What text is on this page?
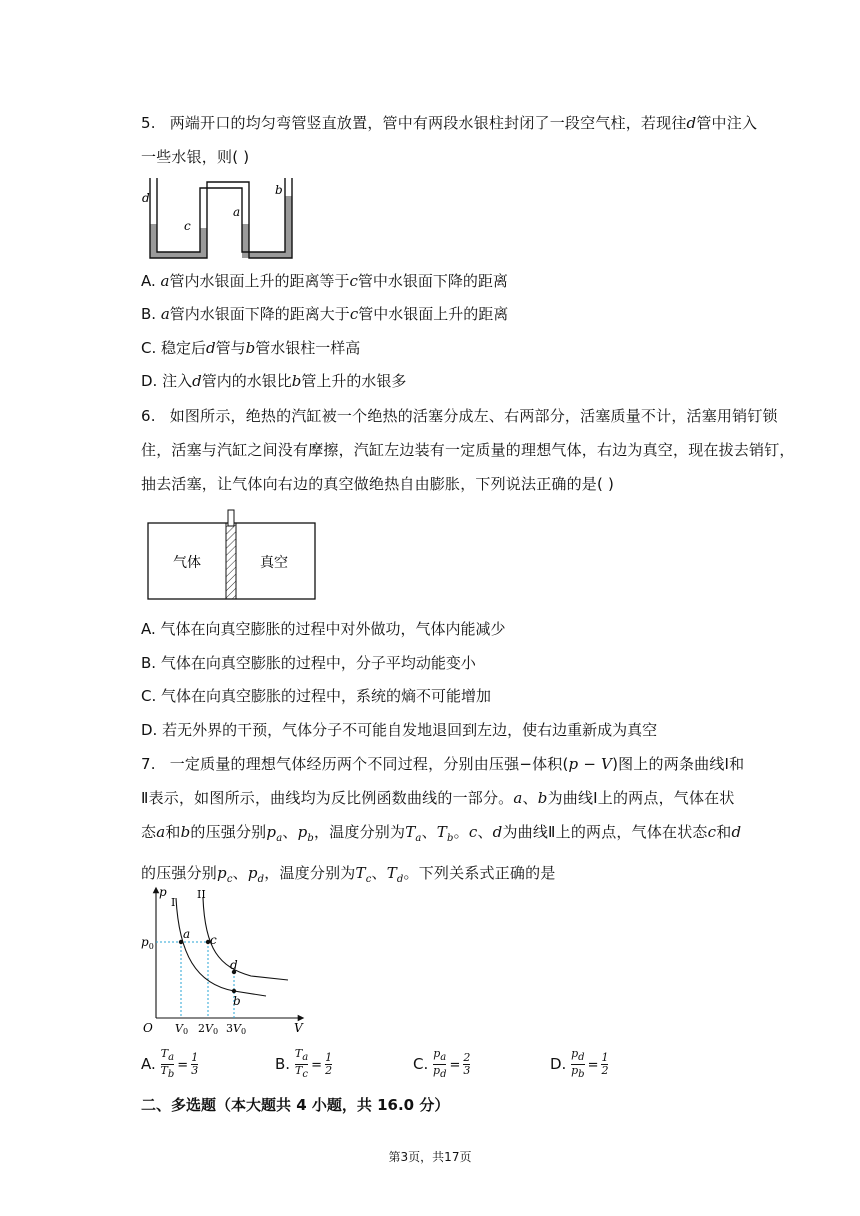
5. 两端开口的均匀弯管竖直放置，管中有两段水银柱封闭了一段空气柱，若现往d管中注入
一些水银，则( )
d
c
a
b
A. a管内水银面上升的距离等于c管中水银面下降的距离
B. a管内水银面下降的距离大于c管中水银面上升的距离
C. 稳定后d管与b管水银柱一样高
D. 注入d管内的水银比b管上升的水银多
6. 如图所示，绝热的汽缸被一个绝热的活塞分成左、右两部分，活塞质量不计，活塞用销钉锁住，活塞与汽缸之间没有摩擦，汽缸左边装有一定质量的理想气体，右边为真空，现在拔去销钉，抽去活塞，让气体向右边的真空做绝热自由膨胀，下列说法正确的是( )
气体	真空
A. 气体在向真空膨胀的过程中对外做功，气体内能减少
B. 气体在向真空膨胀的过程中，分子平均动能变小
C. 气体在向真空膨胀的过程中，系统的熵不可能增加
D. 若无外界的干预，气体分子不可能自发地退回到左边，使右边重新成为真空
7. 一定质量的理想气体经历两个不同过程，分别由压强−体积(p − V)图上的两条曲线Ⅰ和
Ⅱ表示，如图所示，曲线均为反比例函数曲线的一部分。a、b为曲线Ⅰ上的两点，气体在状
态a和b的压强分别$p_a$、$p_b$，温度分别为$T_a$、$T_b$。c、d为曲线Ⅱ上的两点，气体在状态c和d
的压强分别$p_c$、$p_d$，温度分别为$T_c$、$T_d$。下列关系式正确的是
p
V
O
$p_0$
I
II
a c
d
b
V0 2V0 3V0
A. $\frac{T_a}{T_b} = \frac{1}{3}$	B. $\frac{T_a}{T_c} = \frac{1}{2}$	C. $\frac{p_a}{p_d} = \frac{2}{3}$	D. $\frac{p_d}{p_b} = \frac{1}{2}$
二、多选题（本大题共 4 小题，共 16.0 分）
第3页，共17页
